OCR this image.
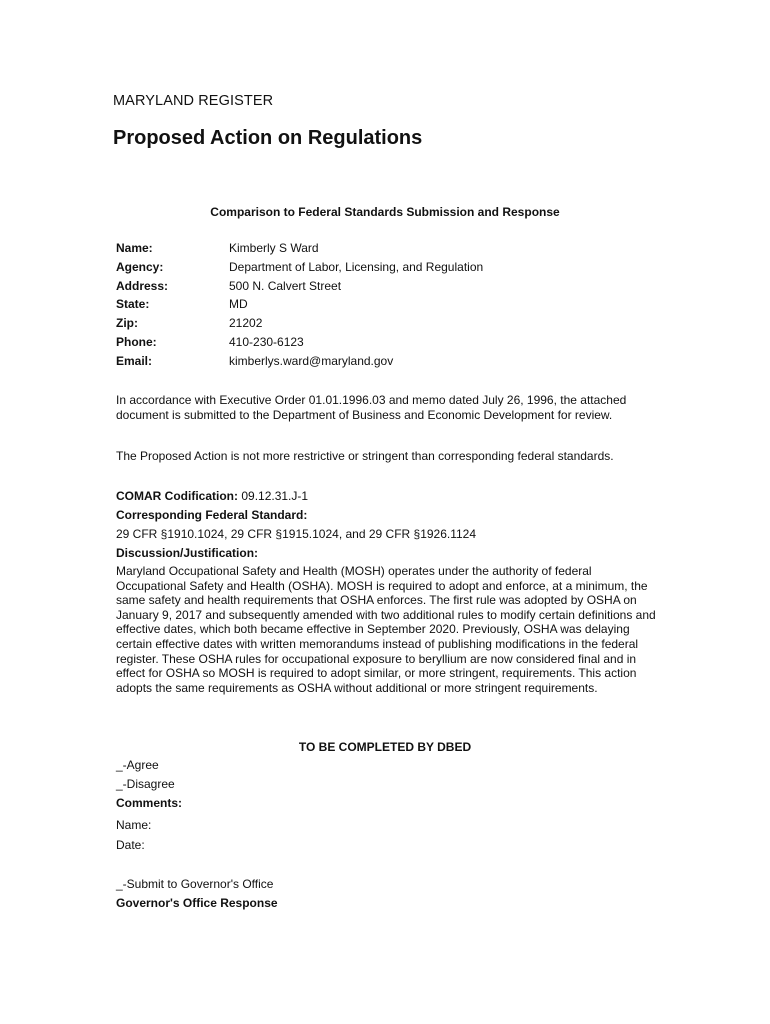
MARYLAND REGISTER
Proposed Action on Regulations
Comparison to Federal Standards Submission and Response
Name:	Kimberly S Ward
Agency:	Department of Labor, Licensing, and Regulation
Address:	500 N. Calvert Street
State:	MD
Zip:	21202
Phone:	410-230-6123
Email:	kimberlys.ward@maryland.gov
In accordance with Executive Order 01.01.1996.03 and memo dated July 26, 1996, the attached document is submitted to the Department of Business and Economic Development for review.
The Proposed Action is not more restrictive or stringent than corresponding federal standards.
COMAR Codification: 09.12.31.J-1
Corresponding Federal Standard:
29 CFR §1910.1024, 29 CFR §1915.1024, and 29 CFR §1926.1124
Discussion/Justification:
Maryland Occupational Safety and Health (MOSH) operates under the authority of federal Occupational Safety and Health (OSHA). MOSH is required to adopt and enforce, at a minimum, the same safety and health requirements that OSHA enforces. The first rule was adopted by OSHA on January 9, 2017 and subsequently amended with two additional rules to modify certain definitions and effective dates, which both became effective in September 2020. Previously, OSHA was delaying certain effective dates with written memorandums instead of publishing modifications in the federal register. These OSHA rules for occupational exposure to beryllium are now considered final and in effect for OSHA so MOSH is required to adopt similar, or more stringent, requirements. This action adopts the same requirements as OSHA without additional or more stringent requirements.
TO BE COMPLETED BY DBED
_-Agree
_-Disagree
Comments:
Name:
Date:
_-Submit to Governor's Office
Governor's Office Response
